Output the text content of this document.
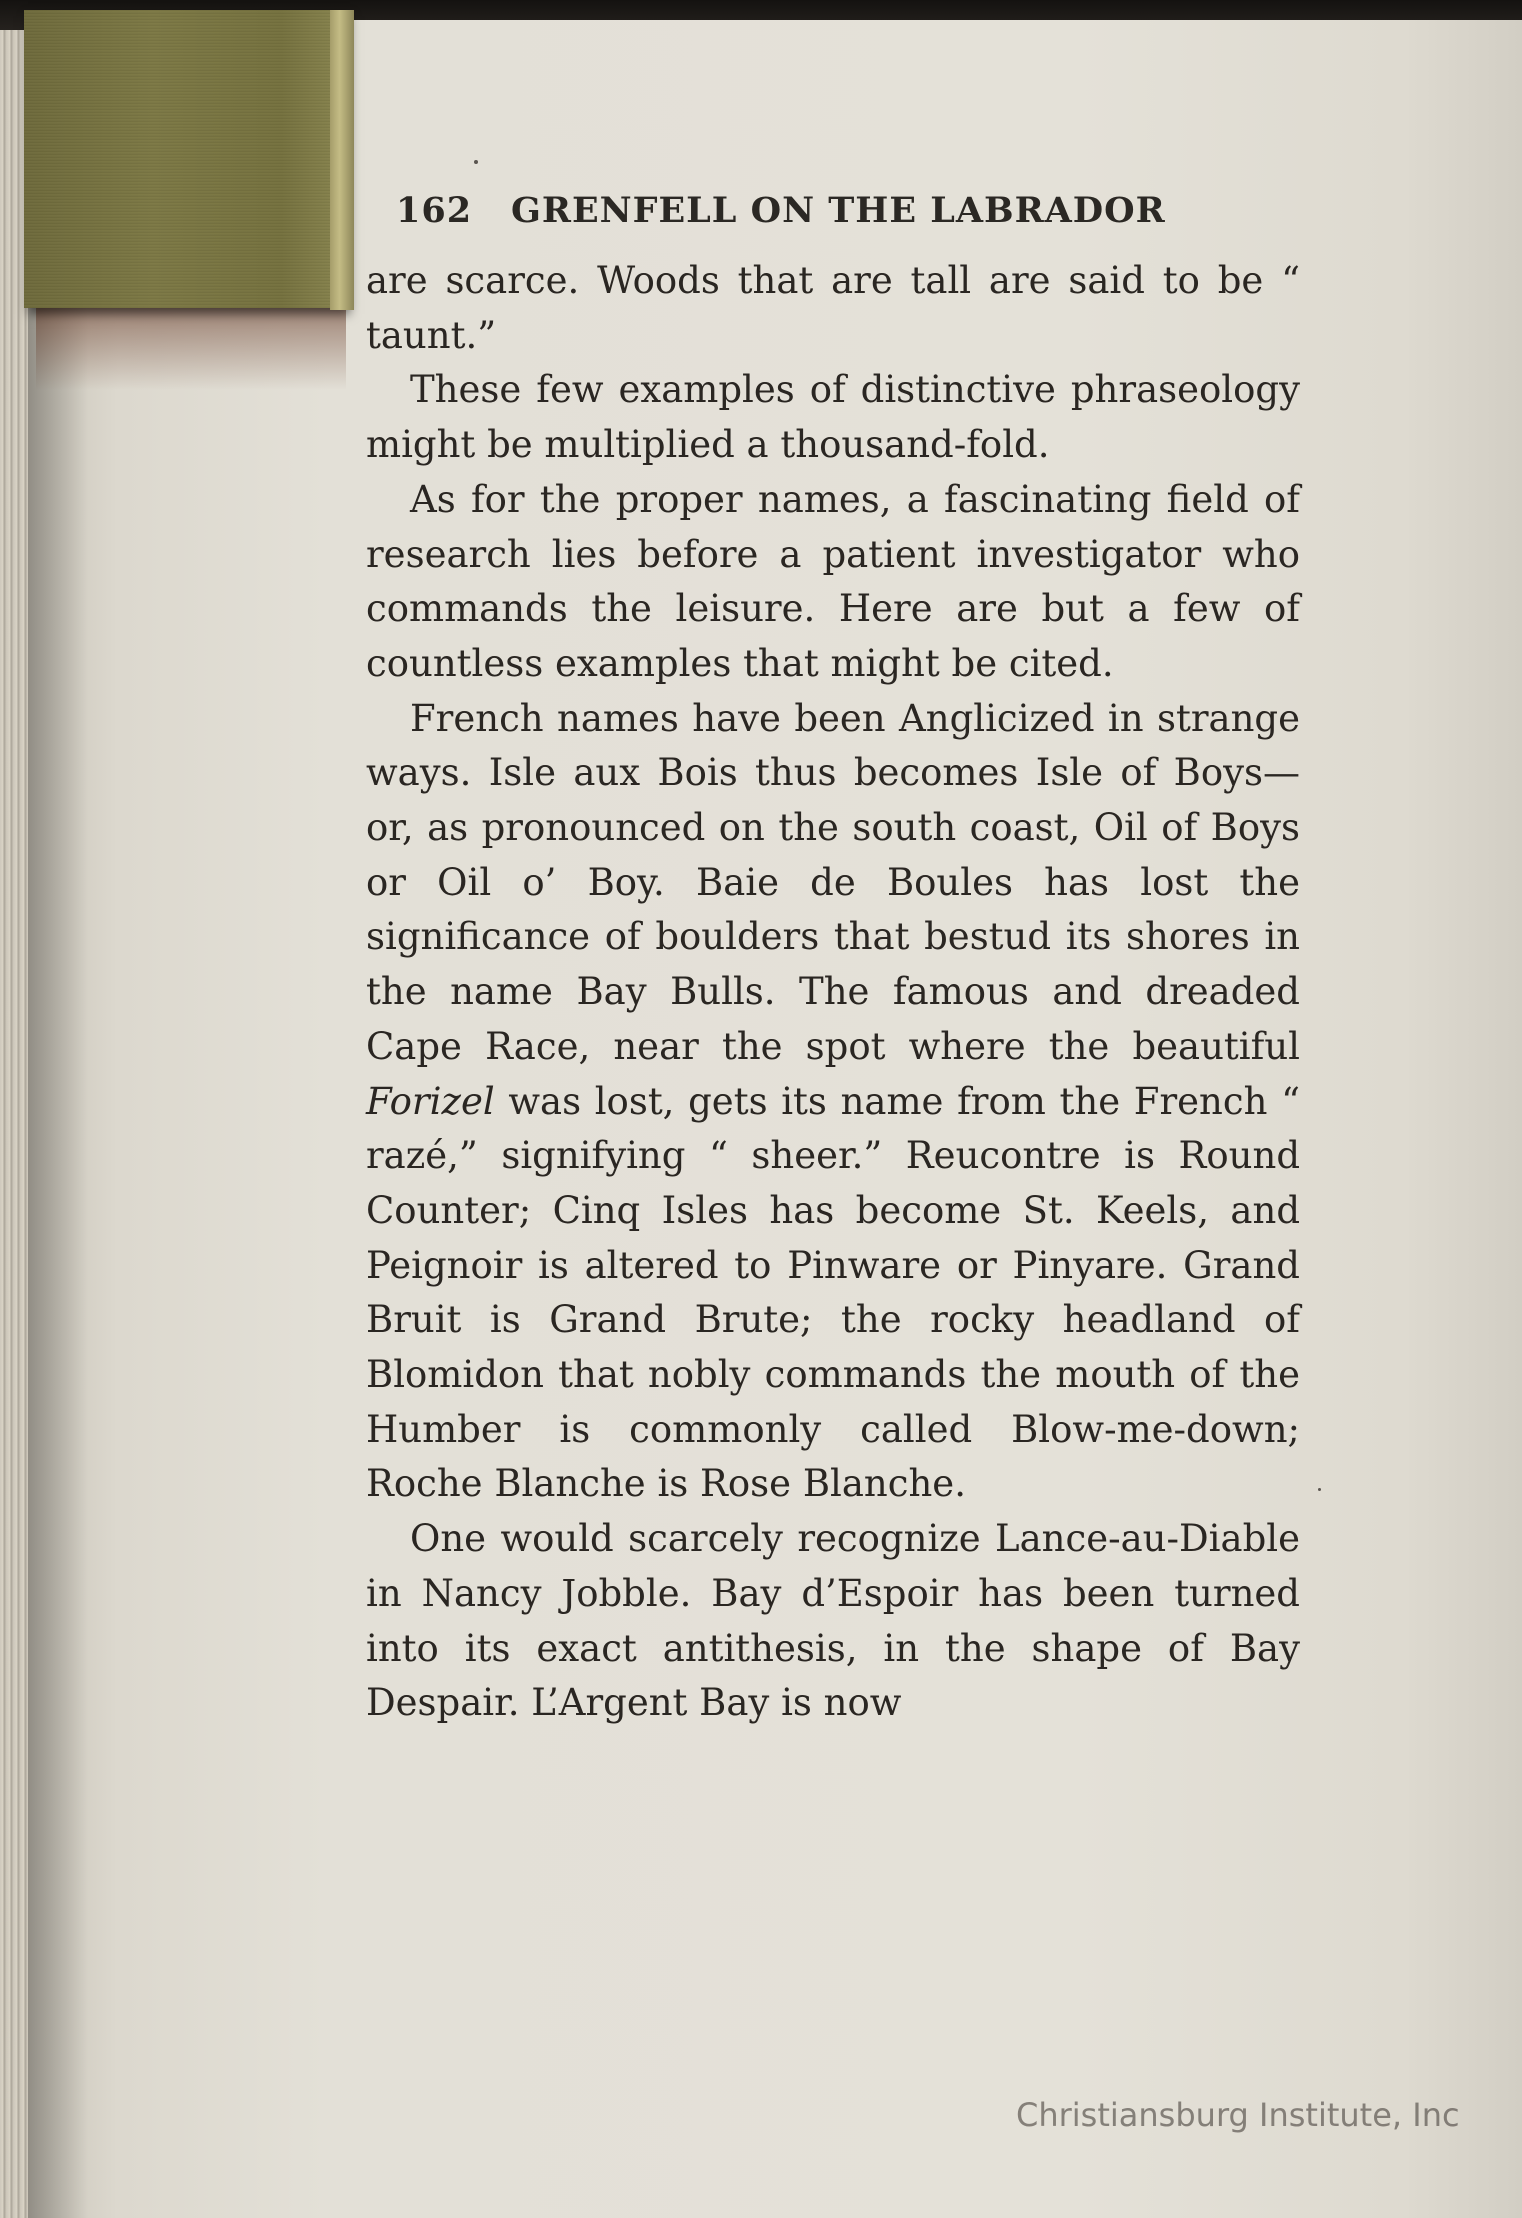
162	GRENFELL ON THE LABRADOR

are scarce. Woods that are tall are said to be “ taunt.”

These few examples of distinctive phraseology might be multiplied a thousand-fold.

As for the proper names, a fascinating field of research lies before a patient investigator who commands the leisure. Here are but a few of countless examples that might be cited.

French names have been Anglicized in strange ways. Isle aux Bois thus becomes Isle of Boys—or, as pronounced on the south coast, Oil of Boys or Oil o’ Boy. Baie de Boules has lost the significance of boulders that bestud its shores in the name Bay Bulls. The famous and dreaded Cape Race, near the spot where the beautiful Forizel was lost, gets its name from the French “ razé,” signifying “ sheer.” Reucontre is Round Counter; Cinq Isles has become St. Keels, and Peignoir is altered to Pinware or Pinyare. Grand Bruit is Grand Brute; the rocky headland of Blomidon that nobly commands the mouth of the Humber is commonly called Blow-me-down; Roche Blanche is Rose Blanche.

One would scarcely recognize Lance-au-Diable in Nancy Jobble. Bay d’Espoir has been turned into its exact antithesis, in the shape of Bay Despair. L’Argent Bay is now

Christiansburg Institute, Inc
